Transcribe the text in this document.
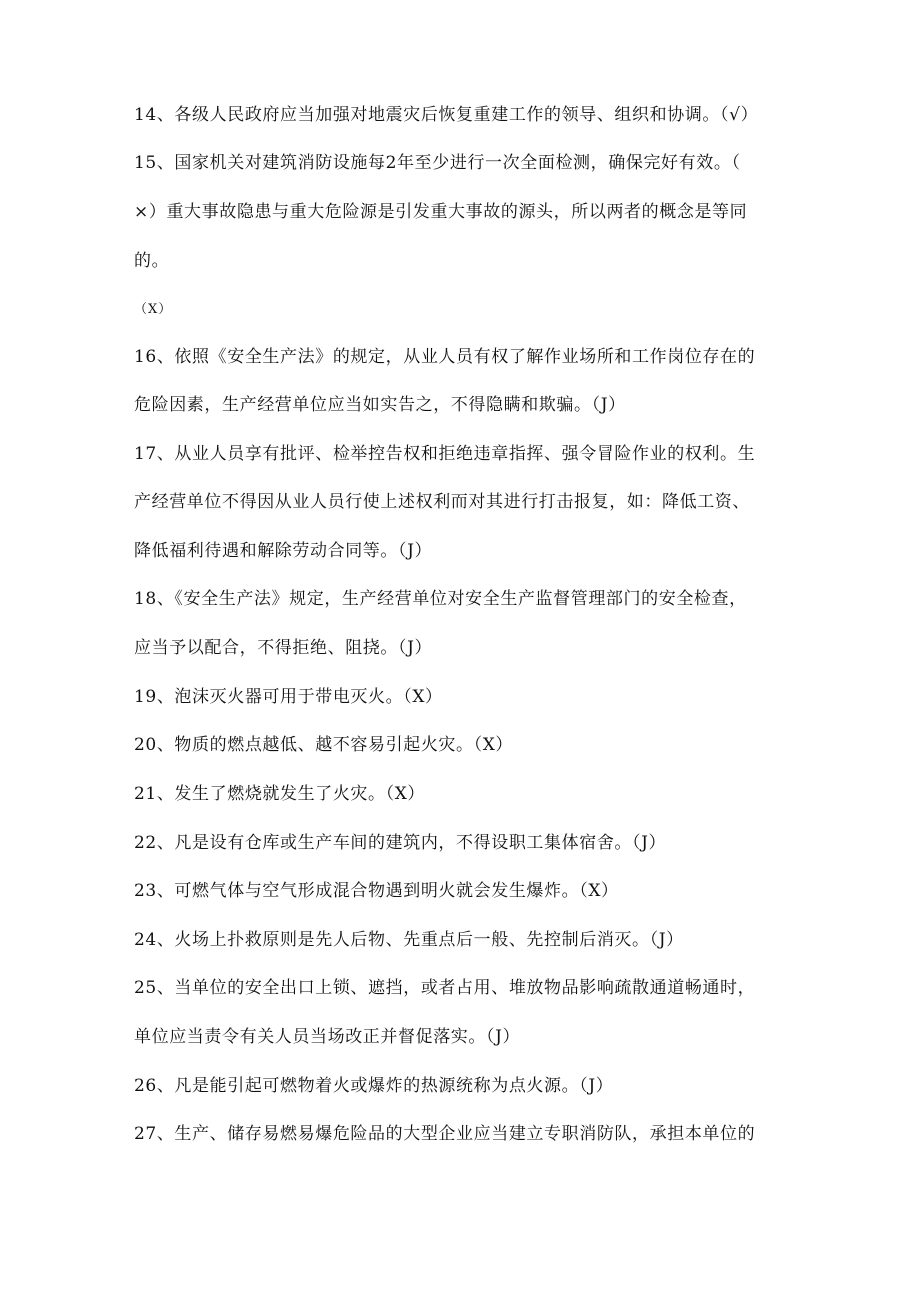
14、各级人民政府应当加强对地震灾后恢复重建工作的领导、组织和协调。（√）
15、国家机关对建筑消防设施每2年至少进行一次全面检测，确保完好有效。（
×）重大事故隐患与重大危险源是引发重大事故的源头，所以两者的概念是等同
的。
（X）
16、依照《安全生产法》的规定，从业人员有权了解作业场所和工作岗位存在的
危险因素，生产经营单位应当如实告之，不得隐瞒和欺骗。（J）
17、从业人员享有批评、检举控告权和拒绝违章指挥、强令冒险作业的权利。生
产经营单位不得因从业人员行使上述权利而对其进行打击报复，如：降低工资、
降低福利待遇和解除劳动合同等。（J）
18、《安全生产法》规定，生产经营单位对安全生产监督管理部门的安全检查，
应当予以配合，不得拒绝、阻挠。（J）
19、泡沫灭火器可用于带电灭火。（X）
20、物质的燃点越低、越不容易引起火灾。（X）
21、发生了燃烧就发生了火灾。（X）
22、凡是设有仓库或生产车间的建筑内，不得设职工集体宿舍。（J）
23、可燃气体与空气形成混合物遇到明火就会发生爆炸。（X）
24、火场上扑救原则是先人后物、先重点后一般、先控制后消灭。（J）
25、当单位的安全出口上锁、遮挡，或者占用、堆放物品影响疏散通道畅通时，
单位应当责令有关人员当场改正并督促落实。（J）
26、凡是能引起可燃物着火或爆炸的热源统称为点火源。（J）
27、生产、储存易燃易爆危险品的大型企业应当建立专职消防队，承担本单位的
